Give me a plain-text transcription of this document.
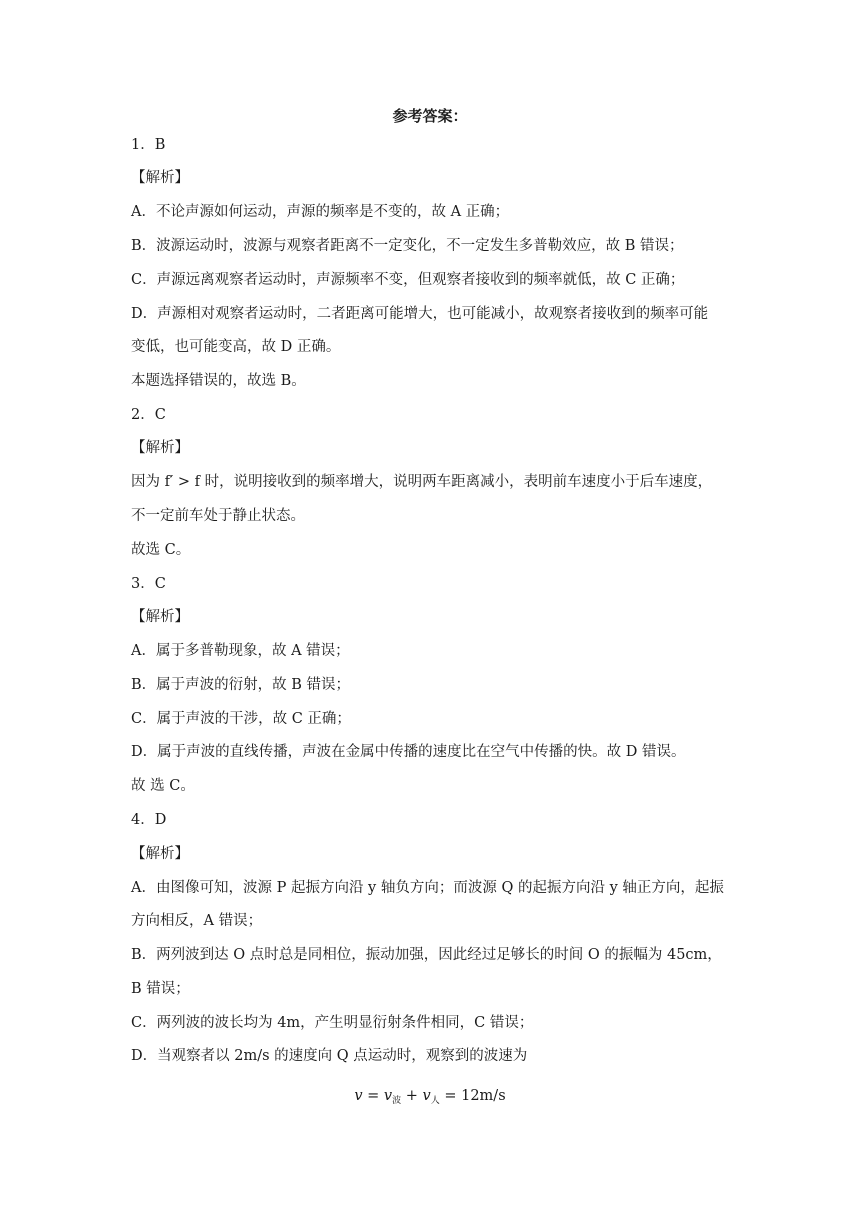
参考答案：
1．B
【解析】
A．不论声源如何运动，声源的频率是不变的，故 A 正确；
B．波源运动时，波源与观察者距离不一定变化，不一定发生多普勒效应，故 B 错误；
C．声源远离观察者运动时，声源频率不变，但观察者接收到的频率就低，故 C 正确；
D．声源相对观察者运动时，二者距离可能增大，也可能减小，故观察者接收到的频率可能
变低，也可能变高，故 D 正确。
本题选择错误的，故选 B。
2．C
【解析】
因为 f′ > f 时，说明接收到的频率增大，说明两车距离减小，表明前车速度小于后车速度，
不一定前车处于静止状态。
故选 C。
3．C
【解析】
A．属于多普勒现象，故 A 错误；
B．属于声波的衍射，故 B 错误；
C．属于声波的干涉，故 C 正确；
D．属于声波的直线传播，声波在金属中传播的速度比在空气中传播的快。故 D 错误。
故 选 C。
4．D
【解析】
A．由图像可知，波源 P 起振方向沿 y 轴负方向；而波源 Q 的起振方向沿 y 轴正方向，起振
方向相反，A 错误；
B．两列波到达 O 点时总是同相位，振动加强，因此经过足够长的时间 O 的振幅为 45cm，
B 错误；
C．两列波的波长均为 4m，产生明显衍射条件相同，C 错误；
D．当观察者以 2m/s 的速度向 Q 点运动时，观察到的波速为
$v = v_波 + v_人 = 12m/s$
